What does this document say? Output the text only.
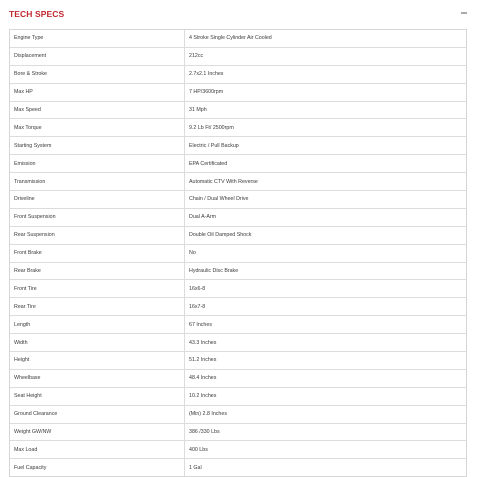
TECH SPECS
Engine Type	4 Stroke Single Cylinder Air Cooled
Displacement	212cc
Bore & Stroke	2.7x2.1 Inches
Max HP	7 HP/3600rpm
Max Speed	31 Mph
Max Torque	9.2 Lb Ft/ 2500rpm
Starting System	Electric / Pull Backup
Emission	EPA Certificated
Transmission	Automatic CTV With Reverse
Driveline	Chain / Dual Wheel Drive
Front Suspension	Dual A-Arm
Rear Suspension	Double Oil Damped Shock
Front Brake	No
Rear Brake	Hydraulic Disc Brake
Front Tire	16x6-8
Rear Tire	16x7-8
Length	67 Inches
Width	43.3 Inches
Height	51.2 Inches
Wheelbase	48.4 Inches
Seat Height	10.2 Inches
Ground Clearance	(Min) 2.8 Inches
Weight GW/NW	386 /330 Lbs
Max Load	400 Lbs
Fuel Capacity	1 Gal
